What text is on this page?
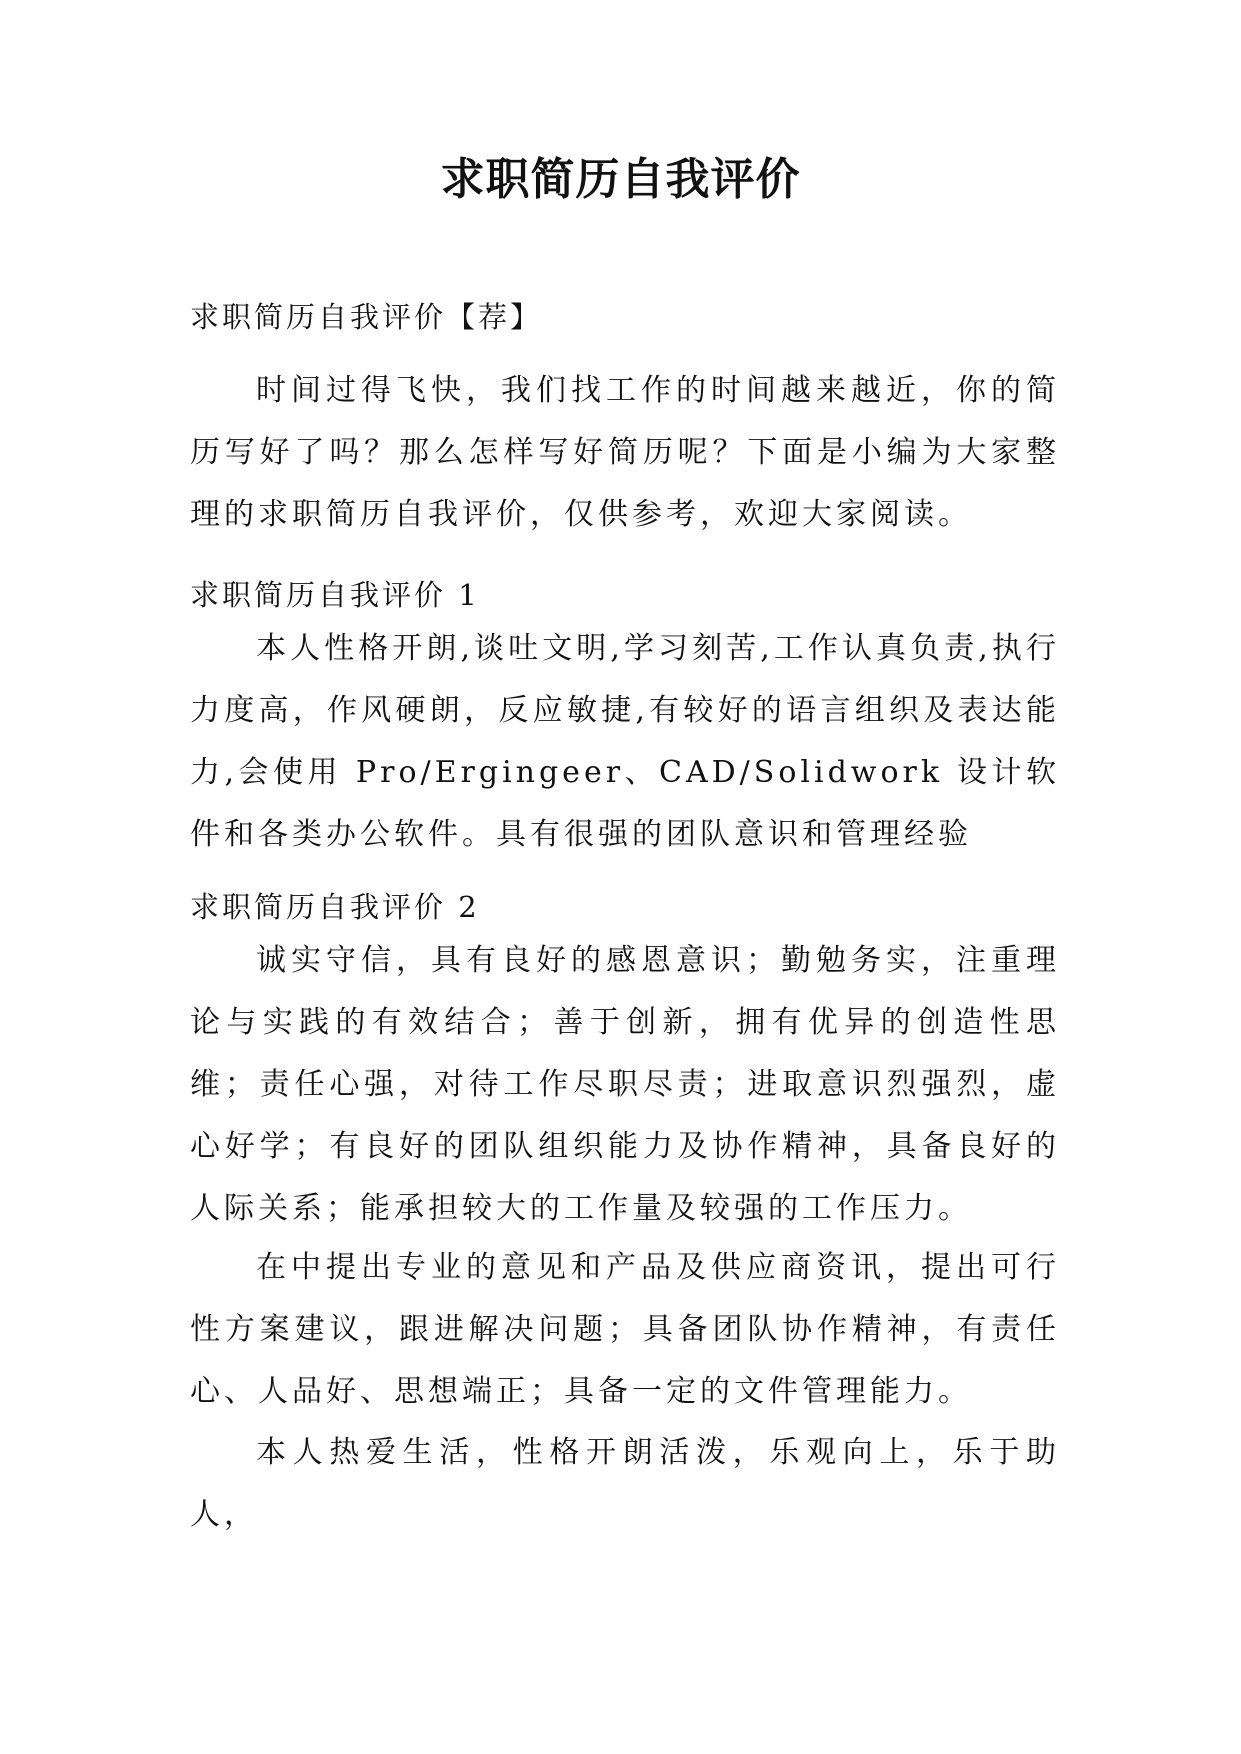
求职简历自我评价
求职简历自我评价【荐】

时间过得飞快，我们找工作的时间越来越近，你的简历写好了吗？那么怎样写好简历呢？下面是小编为大家整理的求职简历自我评价，仅供参考，欢迎大家阅读。

求职简历自我评价 1

本人性格开朗,谈吐文明,学习刻苦,工作认真负责,执行力度高，作风硬朗，反应敏捷,有较好的语言组织及表达能力,会使用 Pro/Ergingeer、CAD/Solidwork 设计软件和各类办公软件。具有很强的团队意识和管理经验

求职简历自我评价 2

诚实守信，具有良好的感恩意识；勤勉务实，注重理论与实践的有效结合；善于创新，拥有优异的创造性思维；责任心强，对待工作尽职尽责；进取意识烈强烈，虚心好学；有良好的团队组织能力及协作精神，具备良好的人际关系；能承担较大的工作量及较强的工作压力。

在中提出专业的意见和产品及供应商资讯，提出可行性方案建议，跟进解决问题；具备团队协作精神，有责任心、人品好、思想端正；具备一定的文件管理能力。

本人热爱生活，性格开朗活泼，乐观向上，乐于助人，
